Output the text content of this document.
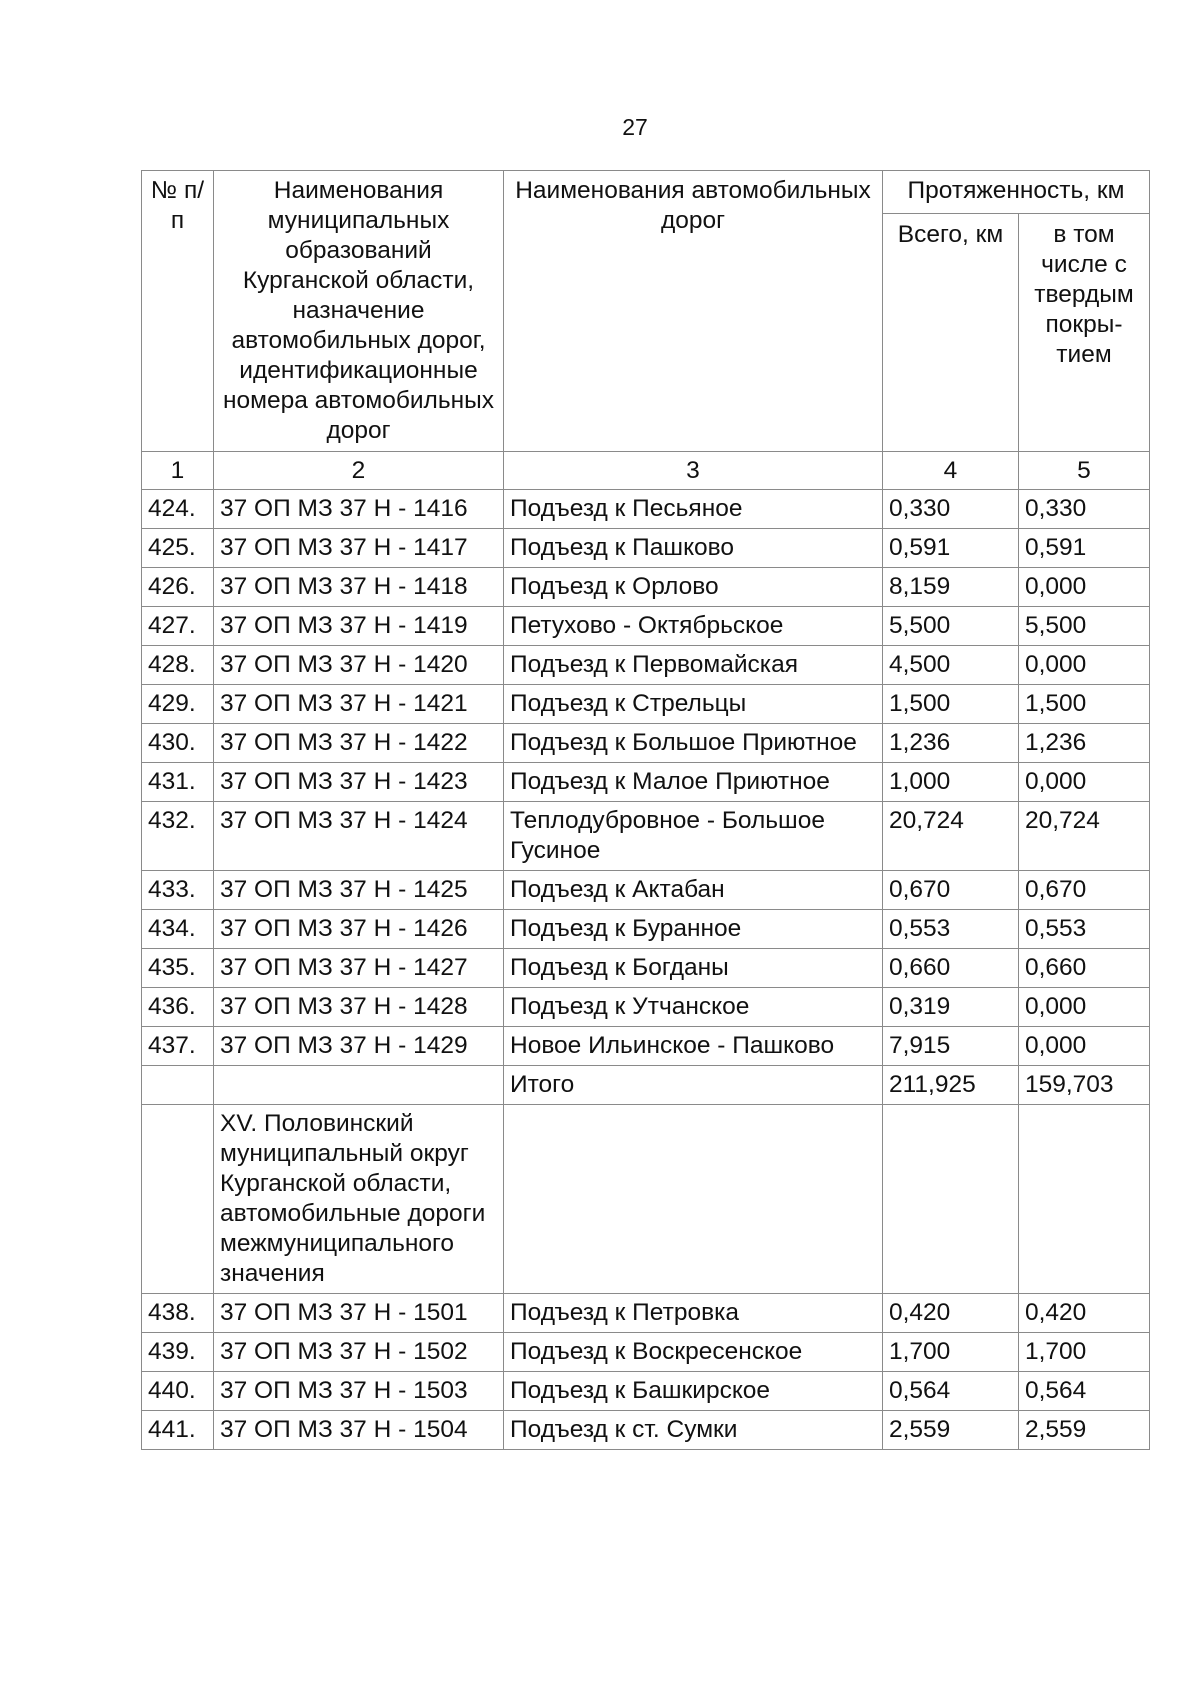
27
№ п/п	Наименования муниципальных образований Курганской области, назначение автомобильных дорог, идентификационные номера автомобильных дорог	Наименования автомобильных дорог	Протяженность, км	
			Всего, км	в том числе с твердым покры-тием
1	2	3	4	5
424.	37 ОП МЗ 37 Н - 1416	Подъезд к Песьяное	0,330	0,330
425.	37 ОП МЗ 37 Н - 1417	Подъезд к Пашково	0,591	0,591
426.	37 ОП МЗ 37 Н - 1418	Подъезд к Орлово	8,159	0,000
427.	37 ОП МЗ 37 Н - 1419	Петухово - Октябрьское	5,500	5,500
428.	37 ОП МЗ 37 Н - 1420	Подъезд к Первомайская	4,500	0,000
429.	37 ОП МЗ 37 Н - 1421	Подъезд к Стрельцы	1,500	1,500
430.	37 ОП МЗ 37 Н - 1422	Подъезд к Большое Приютное	1,236	1,236
431.	37 ОП МЗ 37 Н - 1423	Подъезд к Малое Приютное	1,000	0,000
432.	37 ОП МЗ 37 Н - 1424	Теплодубровное - Большое Гусиное	20,724	20,724
433.	37 ОП МЗ 37 Н - 1425	Подъезд к Актабан	0,670	0,670
434.	37 ОП МЗ 37 Н - 1426	Подъезд к Буранное	0,553	0,553
435.	37 ОП МЗ 37 Н - 1427	Подъезд к Богданы	0,660	0,660
436.	37 ОП МЗ 37 Н - 1428	Подъезд к Утчанское	0,319	0,000
437.	37 ОП МЗ 37 Н - 1429	Новое Ильинское - Пашково	7,915	0,000
		Итого	211,925	159,703
	XV. Половинский муниципальный округ Курганской области, автомобильные дороги межмуниципального значения			
438.	37 ОП МЗ 37 Н - 1501	Подъезд к Петровка	0,420	0,420
439.	37 ОП МЗ 37 Н - 1502	Подъезд к Воскресенское	1,700	1,700
440.	37 ОП МЗ 37 Н - 1503	Подъезд к Башкирское	0,564	0,564
441.	37 ОП МЗ 37 Н - 1504	Подъезд к ст. Сумки	2,559	2,559
